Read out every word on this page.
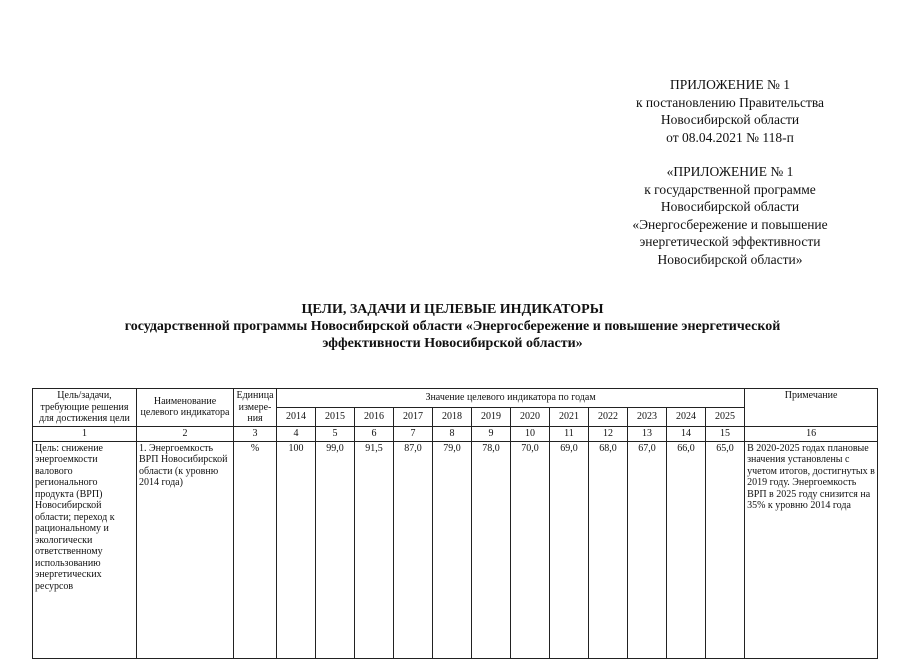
ПРИЛОЖЕНИЕ № 1
к постановлению Правительства
Новосибирской области
от 08.04.2021 № 118-п
«ПРИЛОЖЕНИЕ № 1
к государственной программе
Новосибирской области
«Энергосбережение и повышение
энергетической эффективности
Новосибирской области»
ЦЕЛИ, ЗАДАЧИ И ЦЕЛЕВЫЕ ИНДИКАТОРЫ
государственной программы Новосибирской области «Энергосбережение и повышение энергетической
эффективности Новосибирской области»
Цель/задачи, требующие решения для достижения цели	Наименование целевого индикатора	Единица измере-ния	Значение целевого индикатора по годам												Примечание
			2014	2015	2016	2017	2018	2019	2020	2021	2022	2023	2024	2025	
1	2	3	4	5	6	7	8	9	10	11	12	13	14	15	16
Цель: снижение энергоемкости валового регионального продукта (ВРП) Новосибирской области; переход к рациональному и экологически ответственному использованию энергетических ресурсов	1. Энергоемкость ВРП Новосибирской области (к уровню 2014 года)	%	100	99,0	91,5	87,0	79,0	78,0	70,0	69,0	68,0	67,0	66,0	65,0	В 2020-2025 годах плановые значения установлены с учетом итогов, достигнутых в 2019 году. Энергоемкость ВРП в 2025 году снизится на 35% к уровню 2014 года
